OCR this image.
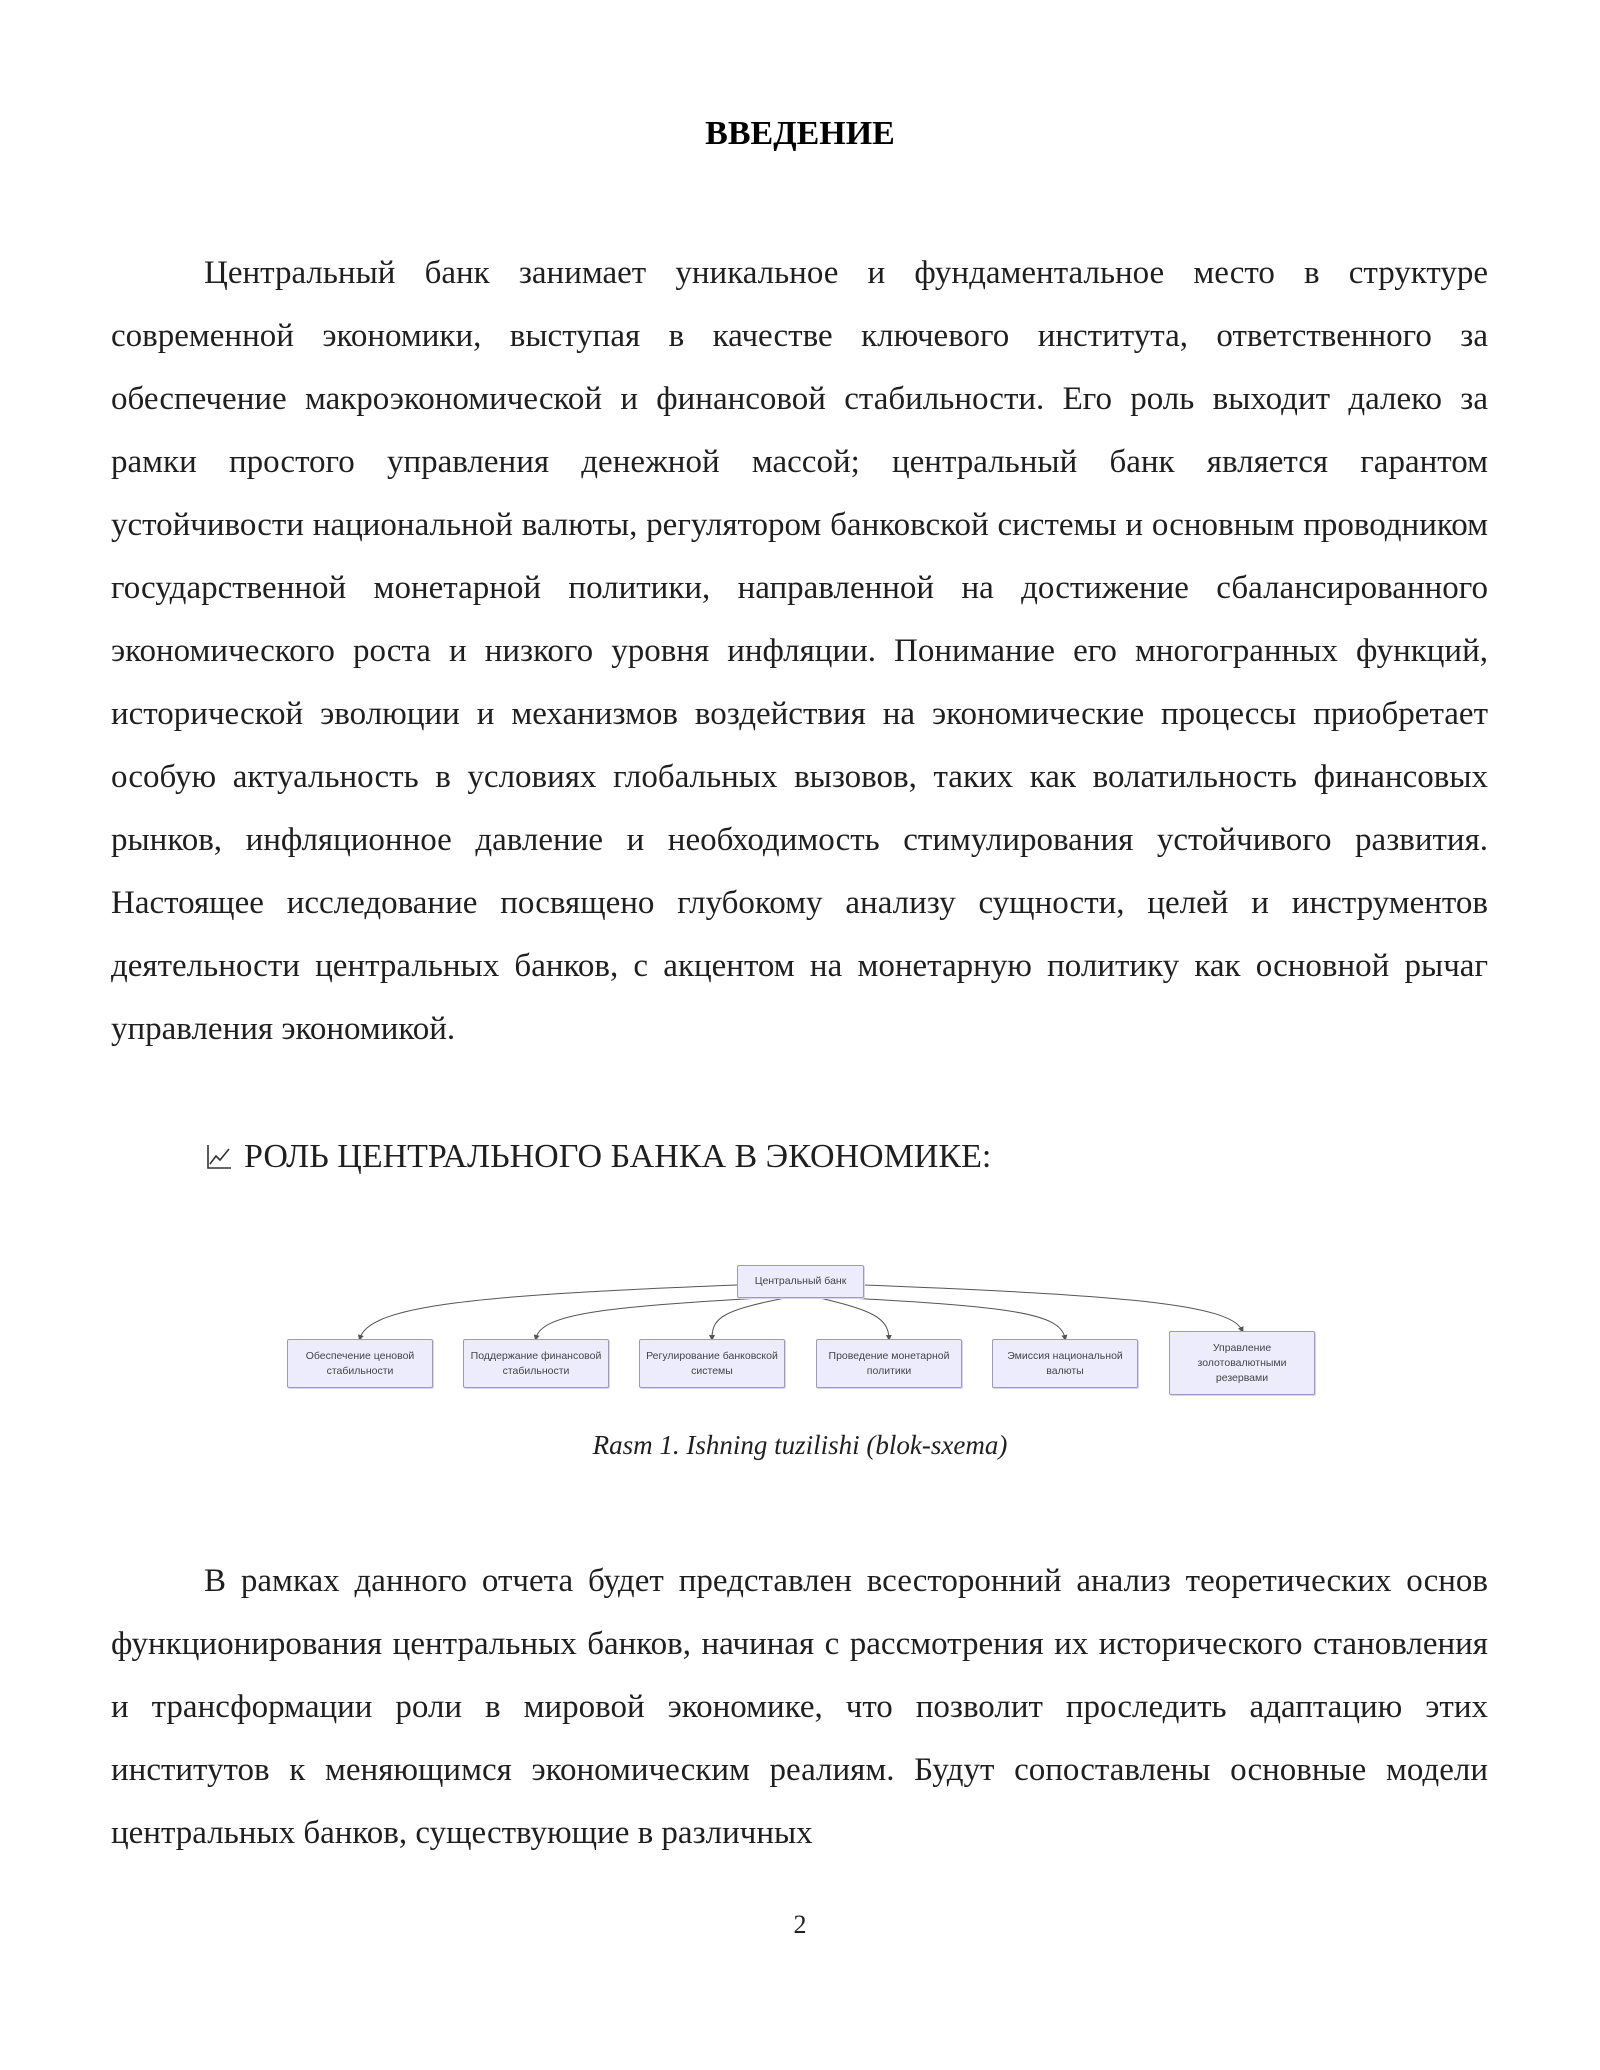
ВВЕДЕНИЕ

Центральный банк занимает уникальное и фундаментальное место в структуре современной экономики, выступая в качестве ключевого института, ответственного за обеспечение макроэкономической и финансовой стабильности. Его роль выходит далеко за рамки простого управления денежной массой; центральный банк является гарантом устойчивости национальной валюты, регулятором банковской системы и основным проводником государственной монетарной политики, направленной на достижение сбалансированного экономического роста и низкого уровня инфляции. Понимание его многогранных функций, исторической эволюции и механизмов воздействия на экономические процессы приобретает особую актуальность в условиях глобальных вызовов, таких как волатильность финансовых рынков, инфляционное давление и необходимость стимулирования устойчивого развития. Настоящее исследование посвящено глубокому анализу сущности, целей и инструментов деятельности центральных банков, с акцентом на монетарную политику как основной рычаг управления экономикой.

РОЛЬ ЦЕНТРАЛЬНОГО БАНКА В ЭКОНОМИКЕ:
Центральный банк
Обеспечение ценовой стабильности
Поддержание финансовой стабильности
Регулирование банковской системы
Проведение монетарной политики
Эмиссия национальной валюты
Управление золотовалютными резервами
Rasm 1. Ishning tuzilishi (blok-sxema)

В рамках данного отчета будет представлен всесторонний анализ теоретических основ функционирования центральных банков, начиная с рассмотрения их исторического становления и трансформации роли в мировой экономике, что позволит проследить адаптацию этих институтов к меняющимся экономическим реалиям. Будут сопоставлены основные модели центральных банков, существующие в различных

2
